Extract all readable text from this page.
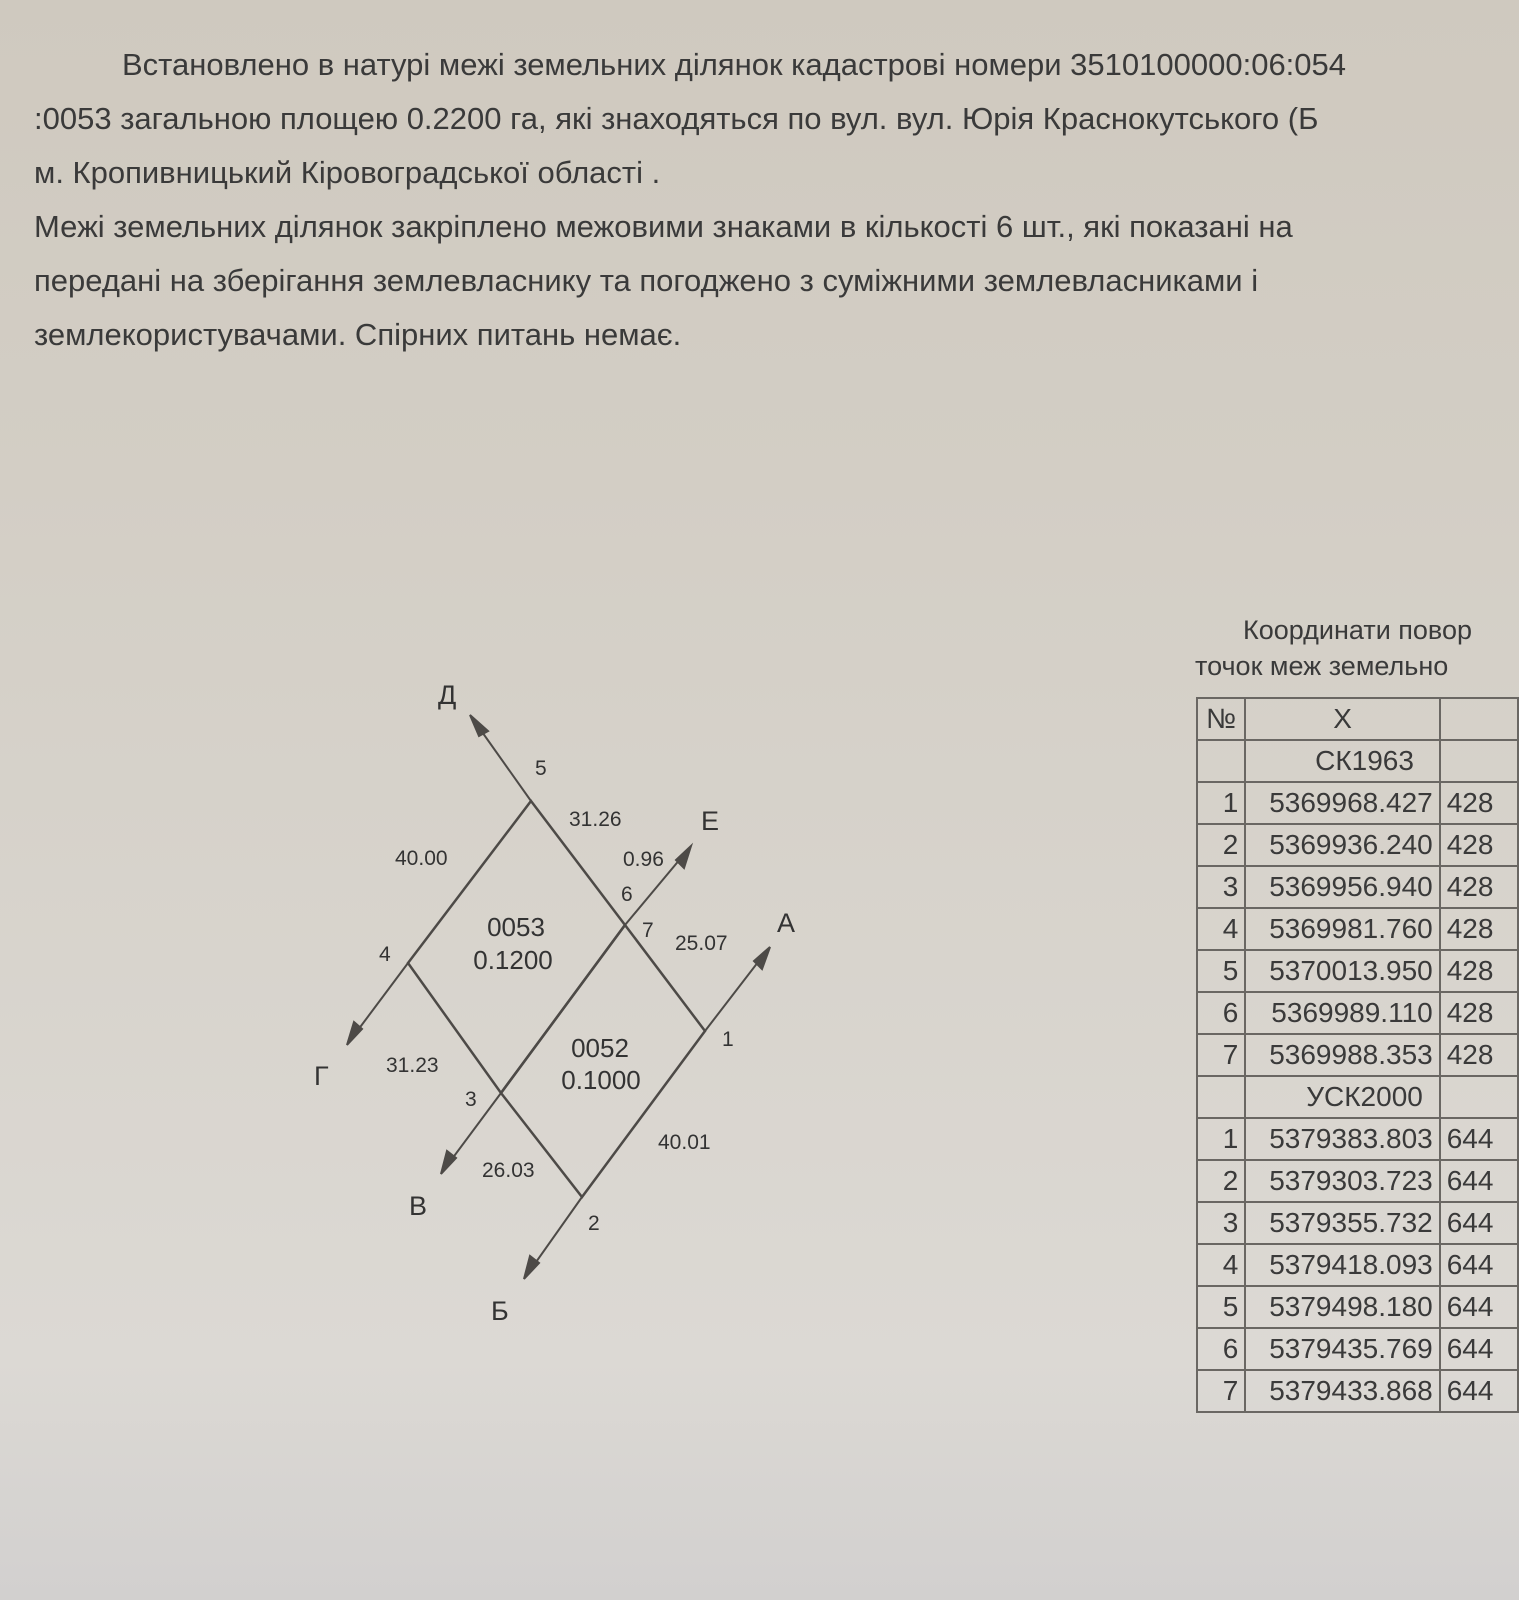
Встановлено в натурі межі земельних ділянок кадастрові номери 3510100000:06:054
:0053 загальною площею 0.2200 га, які знаходяться по вул. вул. Юрія Краснокутського (Б
м. Кропивницький Кіровоградської області .
Межі земельних ділянок закріплено межовими знаками в кількості 6 шт., які показані на
передані на зберігання землевласнику та погоджено з суміжними землевласниками і
землекористувачами. Спірних питань немає.
0053
0.1200
0052
0.1000
1
2
3
4
5
6
7	А
Б
В
Г
Д
Е
40.00
31.26
0.96
25.07
40.01
26.03
31.23
Координати повор
точок меж земельно
№	X	
	СК1963	
1	5369968.427	428
2	5369936.240	428
3	5369956.940	428
4	5369981.760	428
5	5370013.950	428
6	5369989.110	428
7	5369988.353	428
	УСК2000	
1	5379383.803	644
2	5379303.723	644
3	5379355.732	644
4	5379418.093	644
5	5379498.180	644
6	5379435.769	644
7	5379433.868	644
